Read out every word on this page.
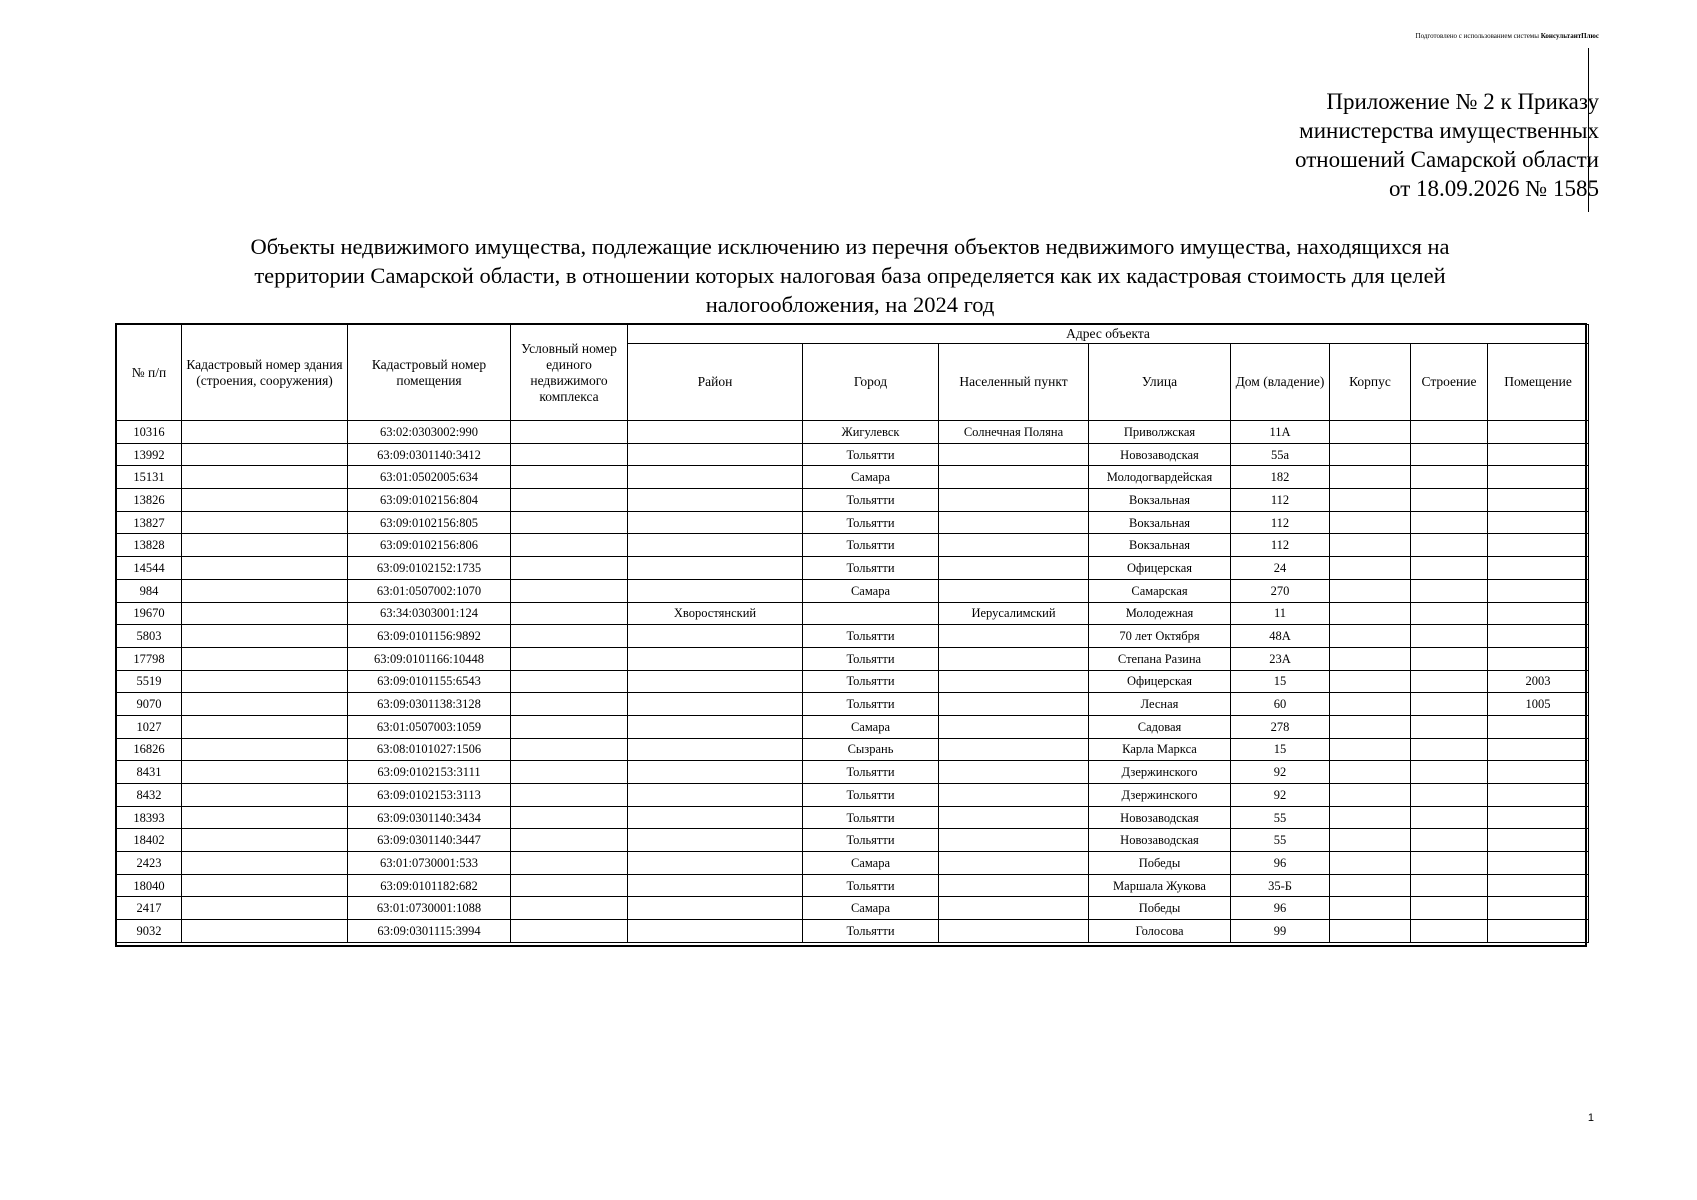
Подготовлено с использованием системы КонсультантПлюс
Приложение № 2 к Приказу
министерства имущественных
отношений Самарской области
от 18.09.2026 № 1585
Объекты недвижимого имущества, подлежащие исключению из перечня объектов недвижимого имущества, находящихся на
территории Самарской области, в отношении которых налоговая база определяется как их кадастровая стоимость для целей
налогообложения, на 2024 год
№ п/п	Кадастровый номер здания (строения, сооружения)	Кадастровый номер помещения	Условный номер единого недвижимого комплекса	Адрес объекта							
				Район	Город	Населенный пункт	Улица	Дом (владение)	Корпус	Строение	Помещение
10316		63:02:0303002:990			Жигулевск	Солнечная Поляна	Приволжская	11А			
13992		63:09:0301140:3412			Тольятти		Новозаводская	55а			
15131		63:01:0502005:634			Самара		Молодогвардейская	182			
13826		63:09:0102156:804			Тольятти		Вокзальная	112			
13827		63:09:0102156:805			Тольятти		Вокзальная	112			
13828		63:09:0102156:806			Тольятти		Вокзальная	112			
14544		63:09:0102152:1735			Тольятти		Офицерская	24			
984		63:01:0507002:1070			Самара		Самарская	270			
19670		63:34:0303001:124		Хворостянский		Иерусалимский	Молодежная	11			
5803		63:09:0101156:9892			Тольятти		70 лет Октября	48А			
17798		63:09:0101166:10448			Тольятти		Степана Разина	23А			
5519		63:09:0101155:6543			Тольятти		Офицерская	15			2003
9070		63:09:0301138:3128			Тольятти		Лесная	60			1005
1027		63:01:0507003:1059			Самара		Садовая	278			
16826		63:08:0101027:1506			Сызрань		Карла Маркса	15			
8431		63:09:0102153:3111			Тольятти		Дзержинского	92			
8432		63:09:0102153:3113			Тольятти		Дзержинского	92			
18393		63:09:0301140:3434			Тольятти		Новозаводская	55			
18402		63:09:0301140:3447			Тольятти		Новозаводская	55			
2423		63:01:0730001:533			Самара		Победы	96			
18040		63:09:0101182:682			Тольятти		Маршала Жукова	35-Б			
2417		63:01:0730001:1088			Самара		Победы	96			
9032		63:09:0301115:3994			Тольятти		Голосова	99			
1
